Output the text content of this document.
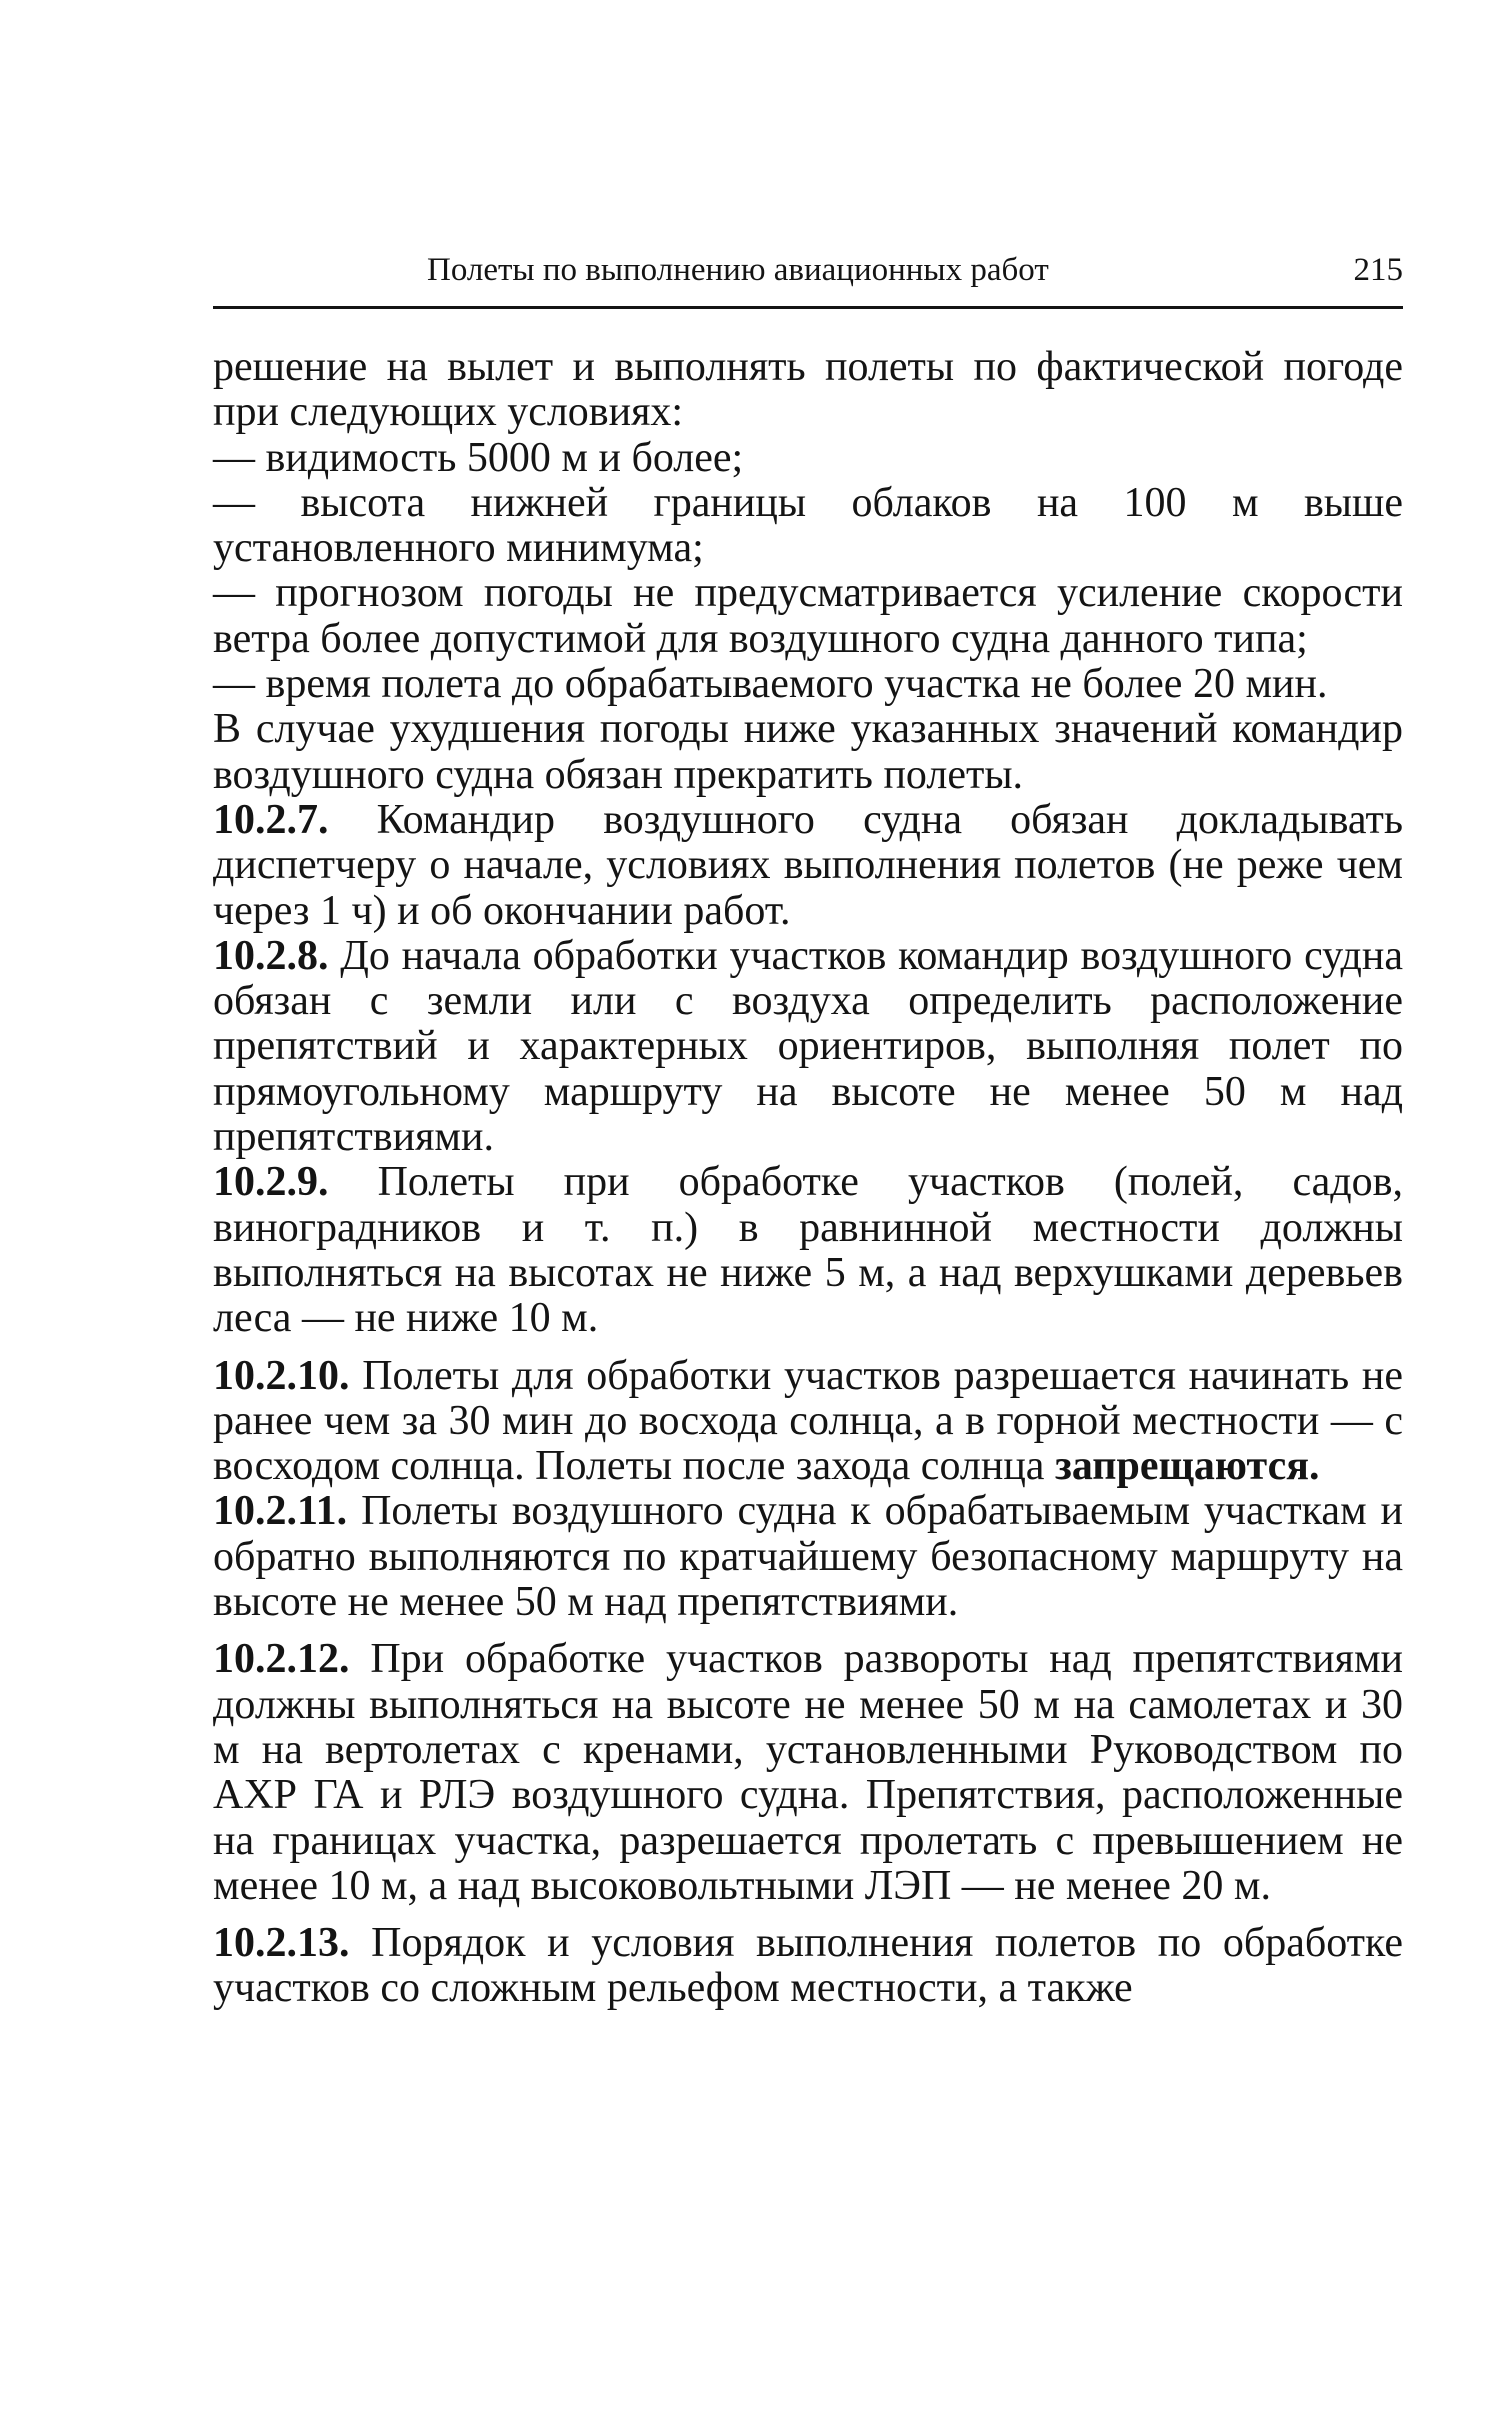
Полеты по выполнению авиационных работ	215

решение на вылет и выполнять полеты по фактической погоде при следующих условиях:

— видимость 5000 м и более;

— высота нижней границы облаков на 100 м выше установленного минимума;

— прогнозом погоды не предусматривается усиление скорости ветра более допустимой для воздушного судна данного типа;

— время полета до обрабатываемого участка не более 20 мин.

В случае ухудшения погоды ниже указанных значений командир воздушного судна обязан прекратить полеты.

10.2.7. Командир воздушного судна обязан докладывать диспетчеру о начале, условиях выполнения полетов (не реже чем через 1 ч) и об окончании работ.

10.2.8. До начала обработки участков командир воздушного судна обязан с земли или с воздуха определить расположение препятствий и характерных ориентиров, выполняя полет по прямоугольному маршруту на высоте не менее 50 м над препятствиями.

10.2.9. Полеты при обработке участков (полей, садов, виноградников и т. п.) в равнинной местности должны выполняться на высотах не ниже 5 м, а над верхушками деревьев леса — не ниже 10 м.

10.2.10. Полеты для обработки участков разрешается начинать не ранее чем за 30 мин до восхода солнца, а в горной местности — с восходом солнца. Полеты после захода солнца запрещаются.

10.2.11. Полеты воздушного судна к обрабатываемым участкам и обратно выполняются по кратчайшему безопасному маршруту на высоте не менее 50 м над препятствиями.

10.2.12. При обработке участков развороты над препятствиями должны выполняться на высоте не менее 50 м на самолетах и 30 м на вертолетах с кренами, установленными Руководством по АХР ГА и РЛЭ воздушного судна. Препятствия, расположенные на границах участка, разрешается пролетать с превышением не менее 10 м, а над высоковольтными ЛЭП — не менее 20 м.

10.2.13. Порядок и условия выполнения полетов по обработке участков со сложным рельефом местности, а также
